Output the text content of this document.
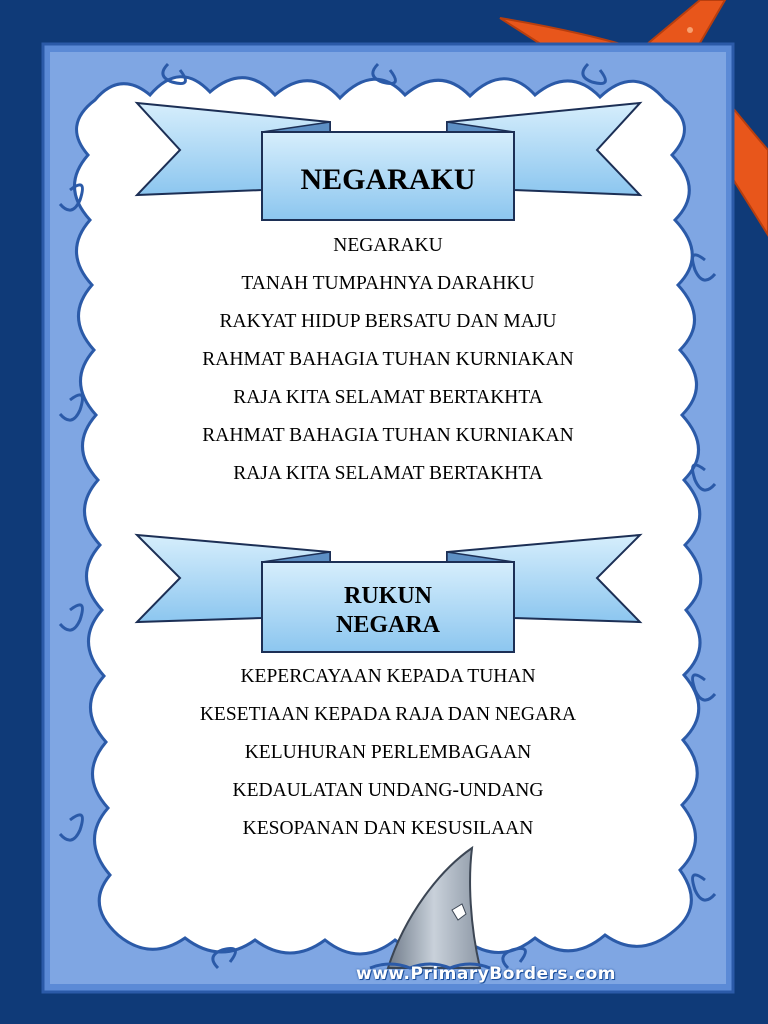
NEGARAKU
NEGARAKU
TANAH TUMPAHNYA DARAHKU
RAKYAT HIDUP BERSATU DAN MAJU
RAHMAT BAHAGIA TUHAN KURNIAKAN
RAJA KITA SELAMAT BERTAKHTA
RAHMAT BAHAGIA TUHAN KURNIAKAN
RAJA KITA SELAMAT BERTAKHTA
RUKUN
NEGARA
KEPERCAYAAN KEPADA TUHAN
KESETIAAN KEPADA RAJA DAN NEGARA
KELUHURAN PERLEMBAGAAN
KEDAULATAN UNDANG-UNDANG
KESOPANAN DAN KESUSILAAN
www.PrimaryBorders.com
